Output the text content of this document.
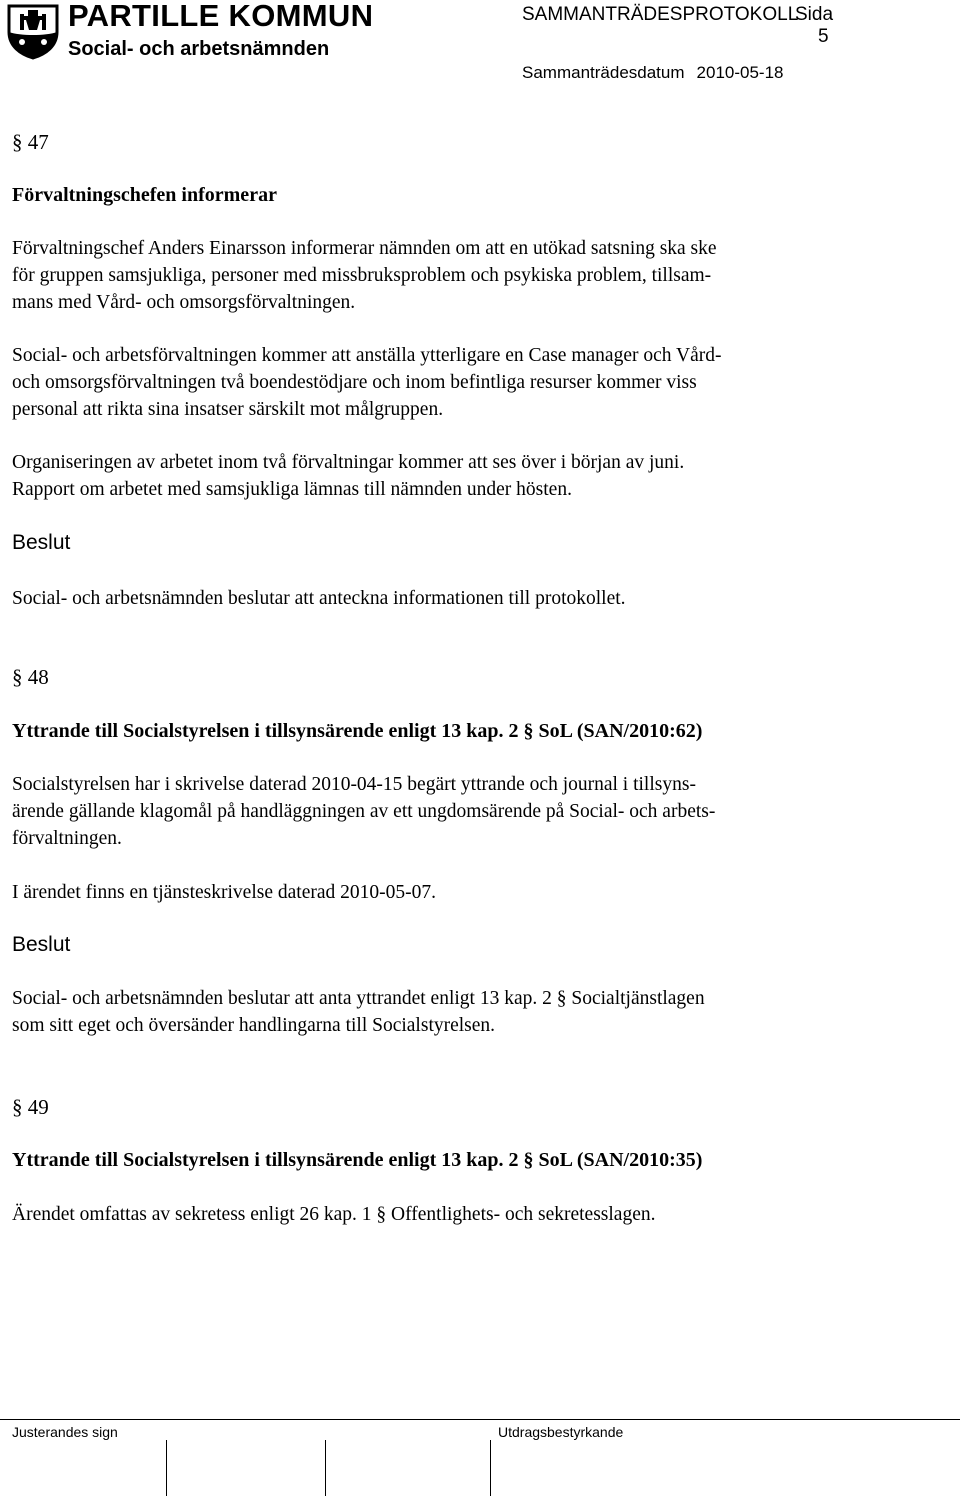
PARTILLE KOMMUN
Social- och arbetsnämnden
SAMMANTRÄDESPROTOKOLL
Sida
5
Sammanträdesdatum 2010-05-18
§ 47
Förvaltningschefen informerar
Förvaltningschef Anders Einarsson informerar nämnden om att en utökad satsning ska ske
för gruppen samsjukliga, personer med missbruksproblem och psykiska problem, tillsam-
mans med Vård- och omsorgsförvaltningen.
Social- och arbetsförvaltningen kommer att anställa ytterligare en Case manager och Vård-
och omsorgsförvaltningen två boendestödjare och inom befintliga resurser kommer viss
personal att rikta sina insatser särskilt mot målgruppen.
Organiseringen av arbetet inom två förvaltningar kommer att ses över i början av juni.
Rapport om arbetet med samsjukliga lämnas till nämnden under hösten.
Beslut
Social- och arbetsnämnden beslutar att anteckna informationen till protokollet.
§ 48
Yttrande till Socialstyrelsen i tillsynsärende enligt 13 kap. 2 § SoL (SAN/2010:62)
Socialstyrelsen har i skrivelse daterad 2010-04-15 begärt yttrande och journal i tillsyns-
ärende gällande klagomål på handläggningen av ett ungdomsärende på Social- och arbets-
förvaltningen.
I ärendet finns en tjänsteskrivelse daterad 2010-05-07.
Beslut
Social- och arbetsnämnden beslutar att anta yttrandet enligt 13 kap. 2 § Socialtjänstlagen
som sitt eget och översänder handlingarna till Socialstyrelsen.
§ 49
Yttrande till Socialstyrelsen i tillsynsärende enligt 13 kap. 2 § SoL (SAN/2010:35)
Ärendet omfattas av sekretess enligt 26 kap. 1 § Offentlighets- och sekretesslagen.
Justerandes sign	Utdragsbestyrkande
